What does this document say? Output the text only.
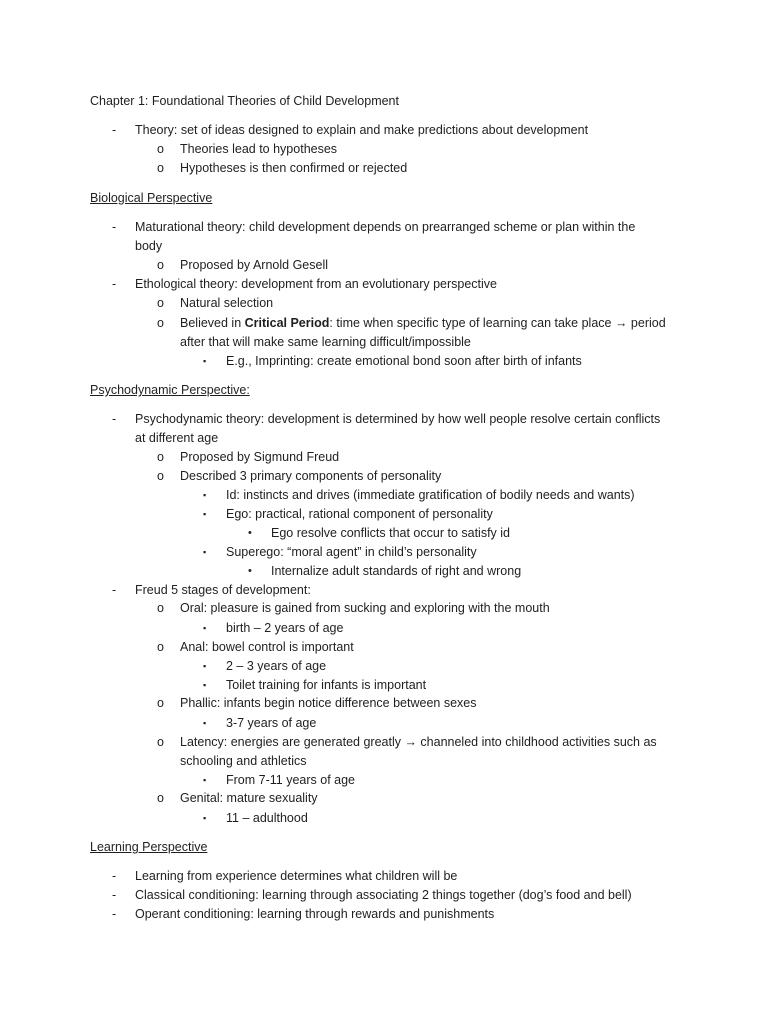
Chapter 1: Foundational Theories of Child Development
- Theory: set of ideas designed to explain and make predictions about development
o Theories lead to hypotheses
o Hypotheses is then confirmed or rejected
Biological Perspective
- Maturational theory: child development depends on prearranged scheme or plan within the
body
o Proposed by Arnold Gesell
- Ethological theory: development from an evolutionary perspective
o Natural selection
o Believed in Critical Period: time when specific type of learning can take place → period
after that will make same learning difficult/impossible
▪ E.g., Imprinting: create emotional bond soon after birth of infants
Psychodynamic Perspective:
- Psychodynamic theory: development is determined by how well people resolve certain conflicts
at different age
o Proposed by Sigmund Freud
o Described 3 primary components of personality
▪ Id: instincts and drives (immediate gratification of bodily needs and wants)
▪ Ego: practical, rational component of personality
• Ego resolve conflicts that occur to satisfy id
▪ Superego: “moral agent” in child’s personality
• Internalize adult standards of right and wrong
- Freud 5 stages of development:
o Oral: pleasure is gained from sucking and exploring with the mouth
▪ birth – 2 years of age
o Anal: bowel control is important
▪ 2 – 3 years of age
▪ Toilet training for infants is important
o Phallic: infants begin notice difference between sexes
▪ 3-7 years of age
o Latency: energies are generated greatly → channeled into childhood activities such as
schooling and athletics
▪ From 7-11 years of age
o Genital: mature sexuality
▪ 11 – adulthood
Learning Perspective
- Learning from experience determines what children will be
- Classical conditioning: learning through associating 2 things together (dog’s food and bell)
- Operant conditioning: learning through rewards and punishments
